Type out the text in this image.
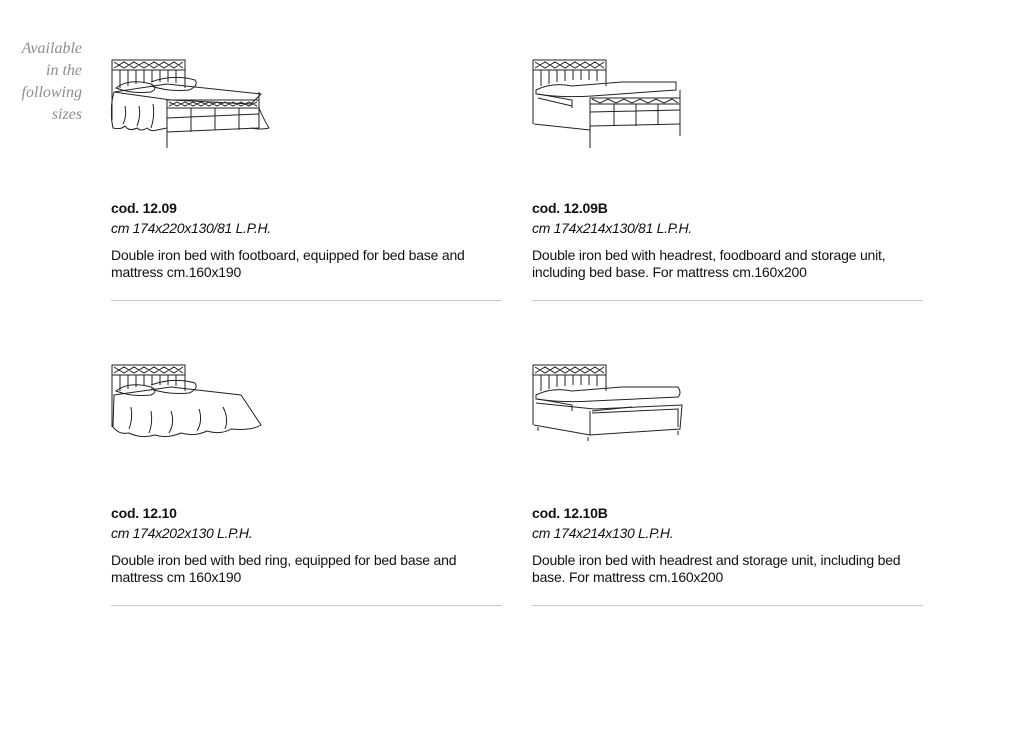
Available
in the
following
sizes
cod. 12.09
cm 174x220x130/81 L.P.H.
Double iron bed with footboard, equipped for bed base and mattress cm.160x190
cod. 12.09B
cm 174x214x130/81 L.P.H.
Double iron bed with headrest, foodboard and storage unit, including bed base. For mattress cm.160x200
cod. 12.10
cm 174x202x130 L.P.H.
Double iron bed with bed ring, equipped for bed base and mattress cm 160x190
cod. 12.10B
cm 174x214x130 L.P.H.
Double iron bed with headrest and storage unit, including bed base. For mattress cm.160x200
